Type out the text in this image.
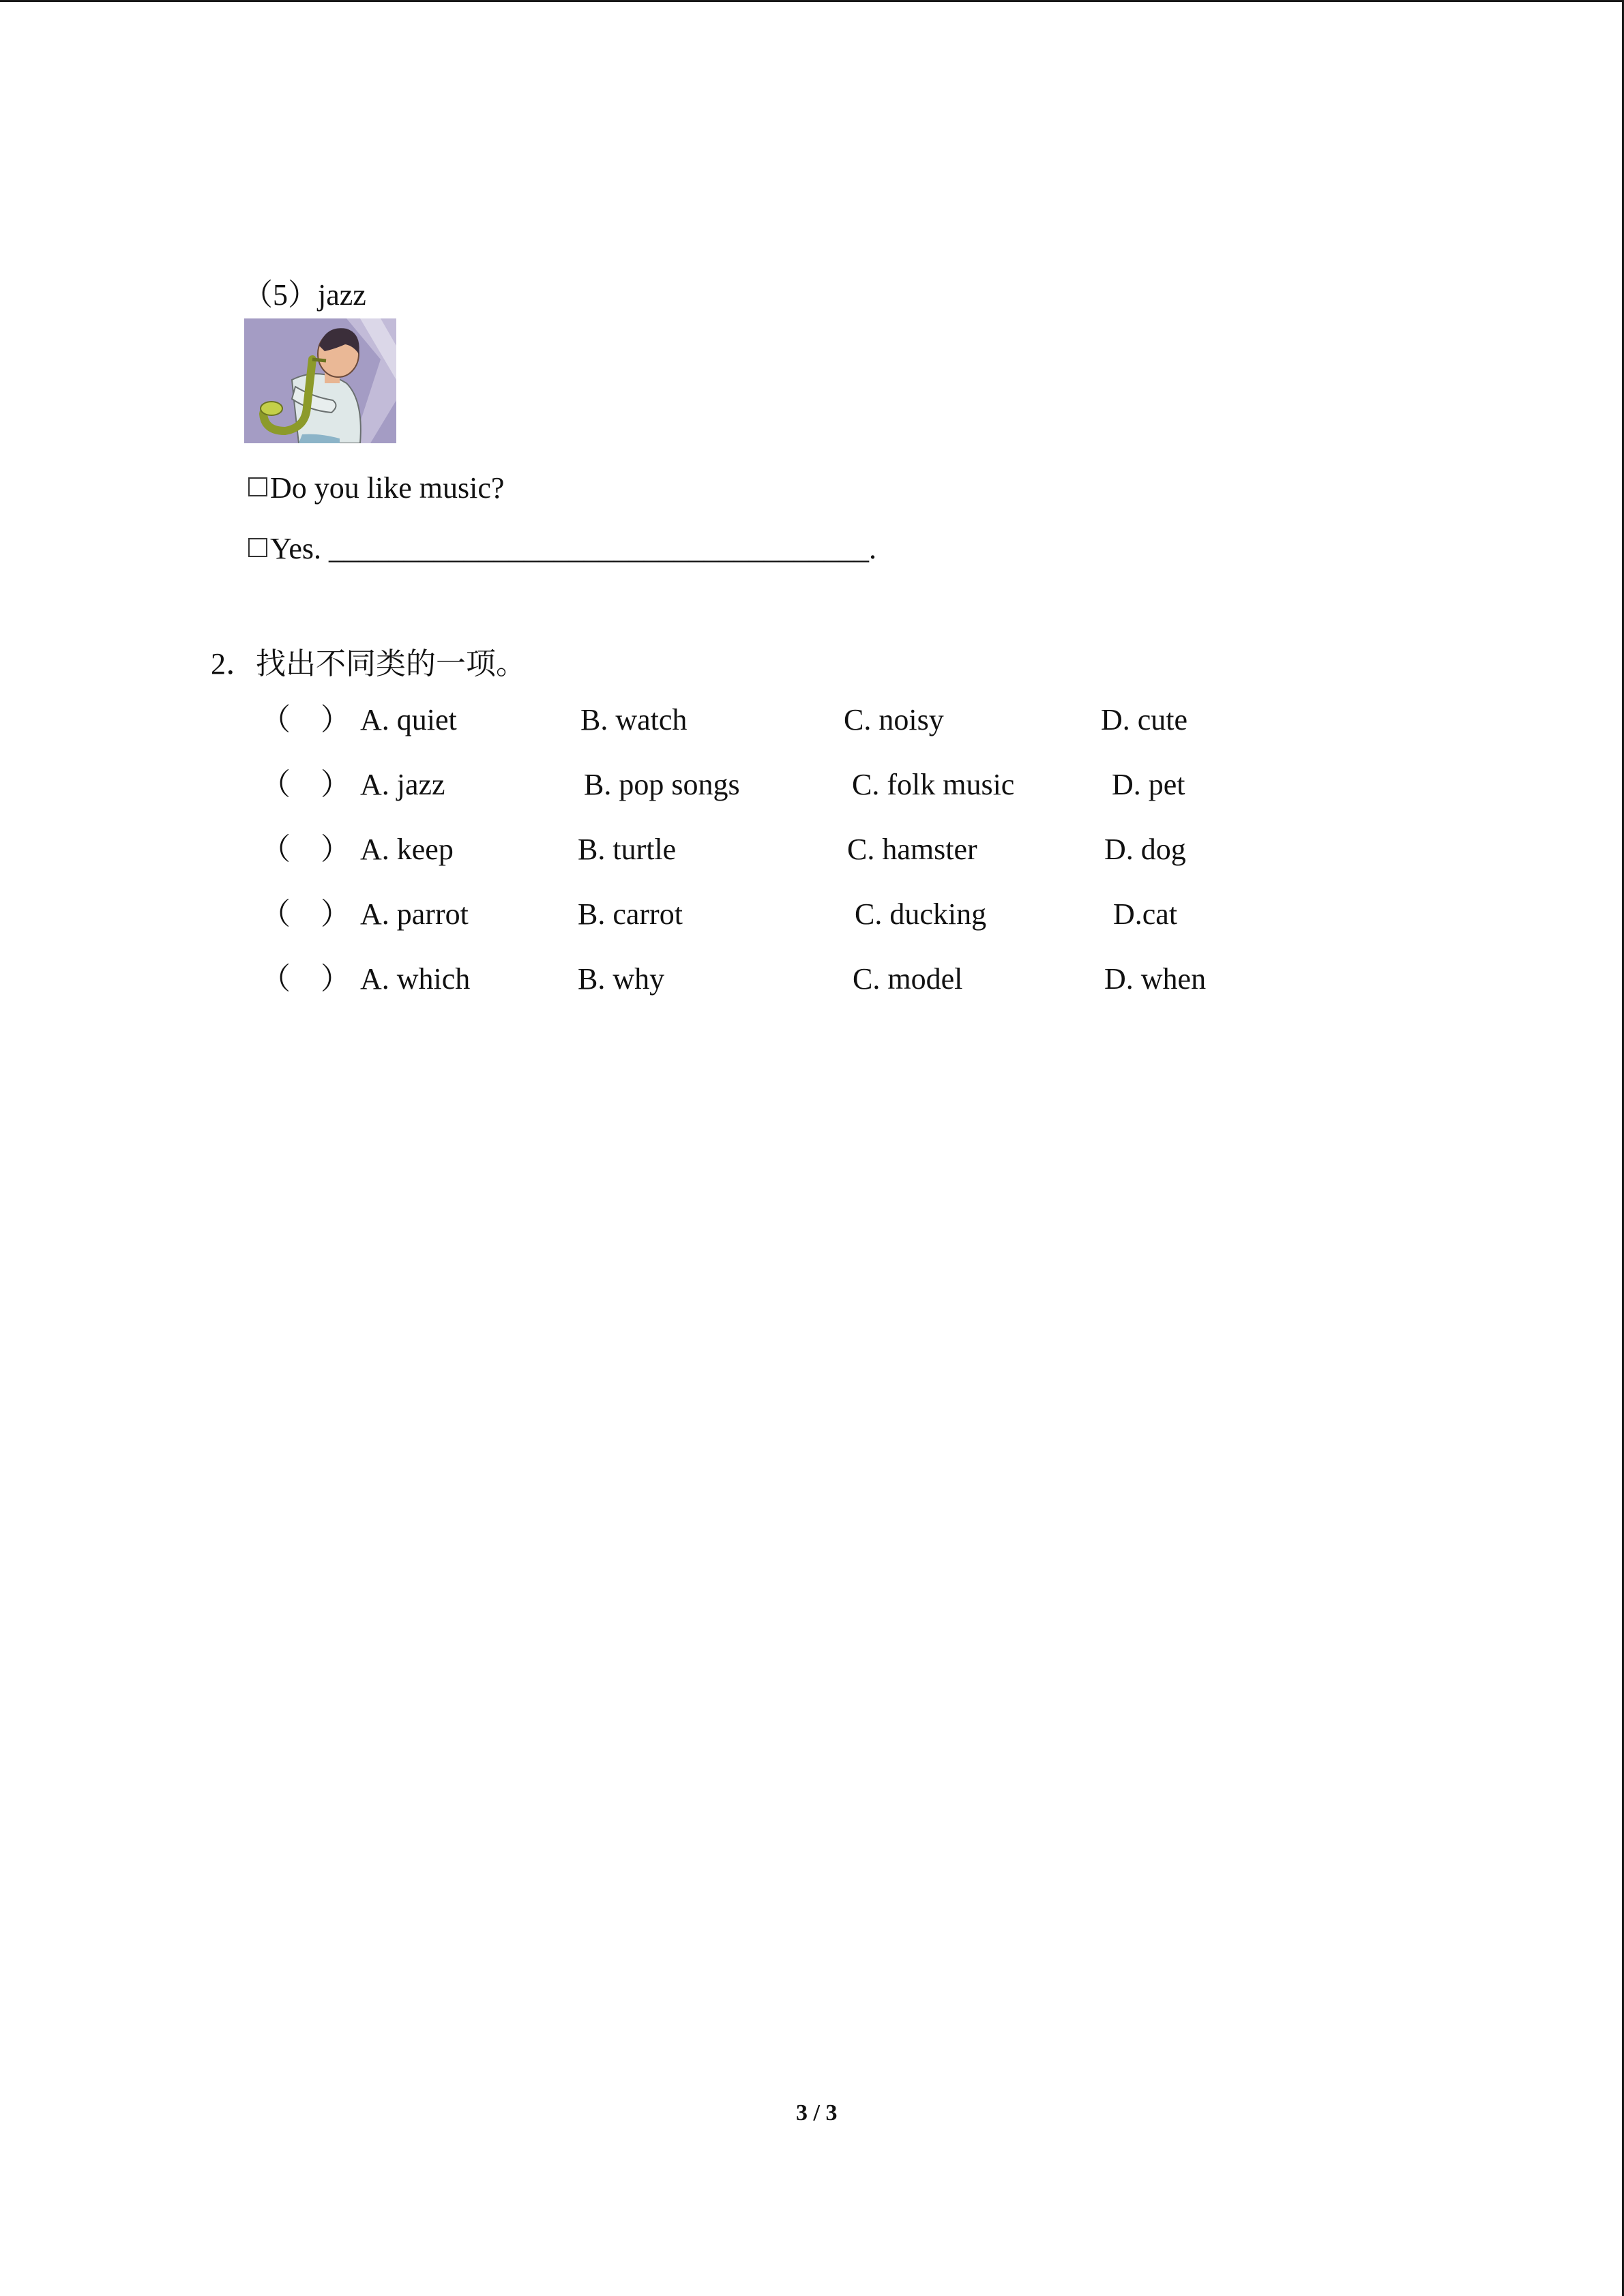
（5）jazz
Do you like music?
Yes. ____________________________________.
2．找出不同类的一项。
（ ） A. quiet	B. watch	C. noisy	D. cute
（ ） A. jazz	B. pop songs	C. folk music	D. pet
（ ） A. keep	B. turtle	C. hamster	D. dog
（ ） A. parrot	B. carrot	C. ducking	D.cat
（ ） A. which	B. why	C. model	D. when
3 / 3
